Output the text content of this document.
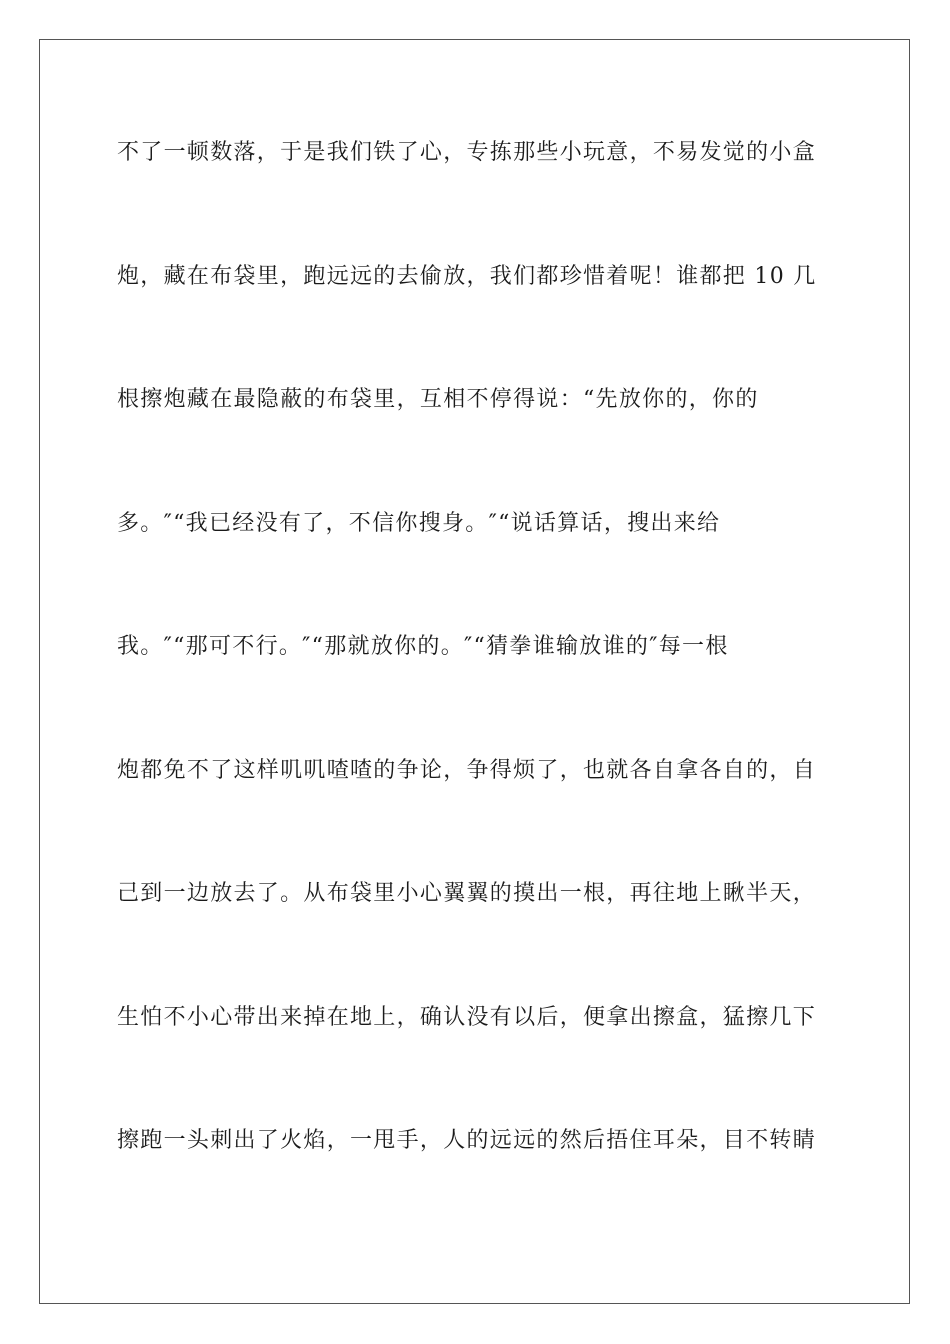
不了一顿数落，于是我们铁了心，专拣那些小玩意，不易发觉的小盒
炮，藏在布袋里，跑远远的去偷放，我们都珍惜着呢！谁都把 10 几
根擦炮藏在最隐蔽的布袋里，互相不停得说：“先放你的，你的
多。″“我已经没有了，不信你搜身。″“说话算话，搜出来给
我。″“那可不行。″“那就放你的。″“猜拳谁输放谁的″每一根
炮都免不了这样叽叽喳喳的争论，争得烦了，也就各自拿各自的，自
己到一边放去了。从布袋里小心翼翼的摸出一根，再往地上瞅半天，
生怕不小心带出来掉在地上，确认没有以后，便拿出擦盒，猛擦几下
擦跑一头刺出了火焰，一甩手，人的远远的然后捂住耳朵，目不转睛
